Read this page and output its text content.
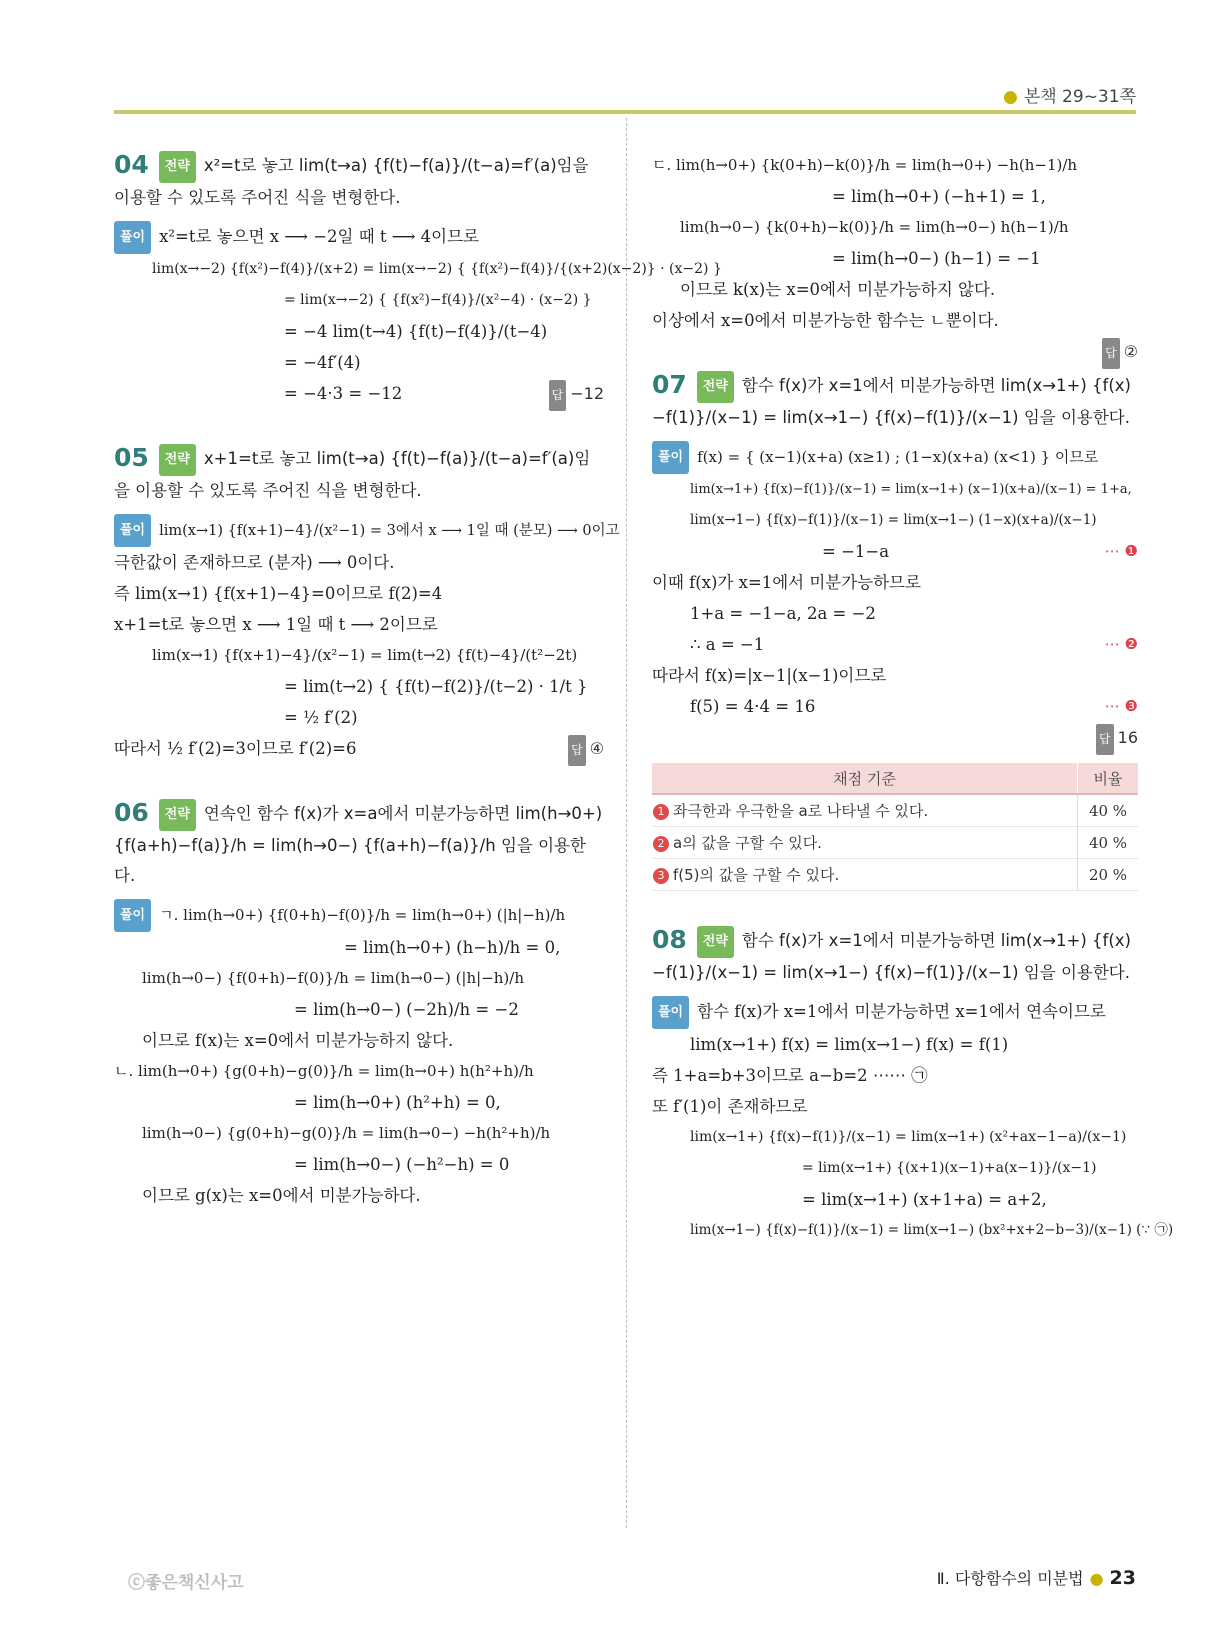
● 본책 29~31쪽
04 전략 x²=t로 놓고 lim(t→a) {f(t)−f(a)}/(t−a)=f′(a)임을 이용할 수 있도록 주어진 식을 변형한다.
풀이 x²=t로 놓으면 x ⟶ −2일 때 t ⟶ 4이므로
lim(x→−2) {f(x²)−f(4)}/(x+2) = lim(x→−2) { {f(x²)−f(4)}/{(x+2)(x−2)} · (x−2) }
= lim(x→−2) { {f(x²)−f(4)}/(x²−4) · (x−2) }
= −4 lim(t→4) {f(t)−f(4)}/(t−4)
= −4f′(4)
= −4·3 = −12	답 −12
05 전략 x+1=t로 놓고 lim(t→a) {f(t)−f(a)}/(t−a)=f′(a)임을 이용할 수 있도록 주어진 식을 변형한다.
풀이 lim(x→1) {f(x+1)−4}/(x²−1) = 3에서 x ⟶ 1일 때 (분모) ⟶ 0이고
극한값이 존재하므로 (분자) ⟶ 0이다.
즉 lim(x→1) {f(x+1)−4}=0이므로 f(2)=4
x+1=t로 놓으면 x ⟶ 1일 때 t ⟶ 2이므로
lim(x→1) {f(x+1)−4}/(x²−1) = lim(t→2) {f(t)−4}/(t²−2t)
= lim(t→2) { {f(t)−f(2)}/(t−2) · 1/t }
= ½ f′(2)
따라서 ½ f′(2)=3이므로 f′(2)=6	답 ④
06 전략 연속인 함수 f(x)가 x=a에서 미분가능하면 lim(h→0+) {f(a+h)−f(a)}/h = lim(h→0−) {f(a+h)−f(a)}/h 임을 이용한다.
풀이 ㄱ. lim(h→0+) {f(0+h)−f(0)}/h = lim(h→0+) (|h|−h)/h
= lim(h→0+) (h−h)/h = 0,
lim(h→0−) {f(0+h)−f(0)}/h = lim(h→0−) (|h|−h)/h
= lim(h→0−) (−2h)/h = −2
이므로 f(x)는 x=0에서 미분가능하지 않다.
ㄴ. lim(h→0+) {g(0+h)−g(0)}/h = lim(h→0+) h(h²+h)/h
= lim(h→0+) (h²+h) = 0,
lim(h→0−) {g(0+h)−g(0)}/h = lim(h→0−) −h(h²+h)/h
= lim(h→0−) (−h²−h) = 0
이므로 g(x)는 x=0에서 미분가능하다.
ㄷ. lim(h→0+) {k(0+h)−k(0)}/h = lim(h→0+) −h(h−1)/h
= lim(h→0+) (−h+1) = 1,
lim(h→0−) {k(0+h)−k(0)}/h = lim(h→0−) h(h−1)/h
= lim(h→0−) (h−1) = −1
이므로 k(x)는 x=0에서 미분가능하지 않다.
이상에서 x=0에서 미분가능한 함수는 ㄴ뿐이다.
답 ②
07 전략 함수 f(x)가 x=1에서 미분가능하면 lim(x→1+) {f(x)−f(1)}/(x−1) = lim(x→1−) {f(x)−f(1)}/(x−1) 임을 이용한다.
풀이 f(x) = { (x−1)(x+a) (x≥1) ; (1−x)(x+a) (x<1) } 이므로
lim(x→1+) {f(x)−f(1)}/(x−1) = lim(x→1+) (x−1)(x+a)/(x−1) = 1+a,
lim(x→1−) {f(x)−f(1)}/(x−1) = lim(x→1−) (1−x)(x+a)/(x−1)
= −1−a	⋯ ❶
이때 f(x)가 x=1에서 미분가능하므로
1+a = −1−a, 2a = −2
∴ a = −1	⋯ ❷
따라서 f(x)=|x−1|(x−1)이므로
f(5) = 4·4 = 16	⋯ ❸
답 16
채점 기준	비율
1 좌극한과 우극한을 a로 나타낼 수 있다.	40 %
2 a의 값을 구할 수 있다.	40 %
3 f(5)의 값을 구할 수 있다.	20 %
08 전략 함수 f(x)가 x=1에서 미분가능하면 lim(x→1+) {f(x)−f(1)}/(x−1) = lim(x→1−) {f(x)−f(1)}/(x−1) 임을 이용한다.
풀이 함수 f(x)가 x=1에서 미분가능하면 x=1에서 연속이므로
lim(x→1+) f(x) = lim(x→1−) f(x) = f(1)
즉 1+a=b+3이므로 a−b=2 ⋯⋯ ㉠
또 f′(1)이 존재하므로
lim(x→1+) {f(x)−f(1)}/(x−1) = lim(x→1+) (x²+ax−1−a)/(x−1)
= lim(x→1+) {(x+1)(x−1)+a(x−1)}/(x−1)
= lim(x→1+) (x+1+a) = a+2,
lim(x→1−) {f(x)−f(1)}/(x−1) = lim(x→1−) (bx²+x+2−b−3)/(x−1) (∵ ㉠)
ⓒ좋은책신사고	Ⅱ. 다항함수의 미분법 ● 23
